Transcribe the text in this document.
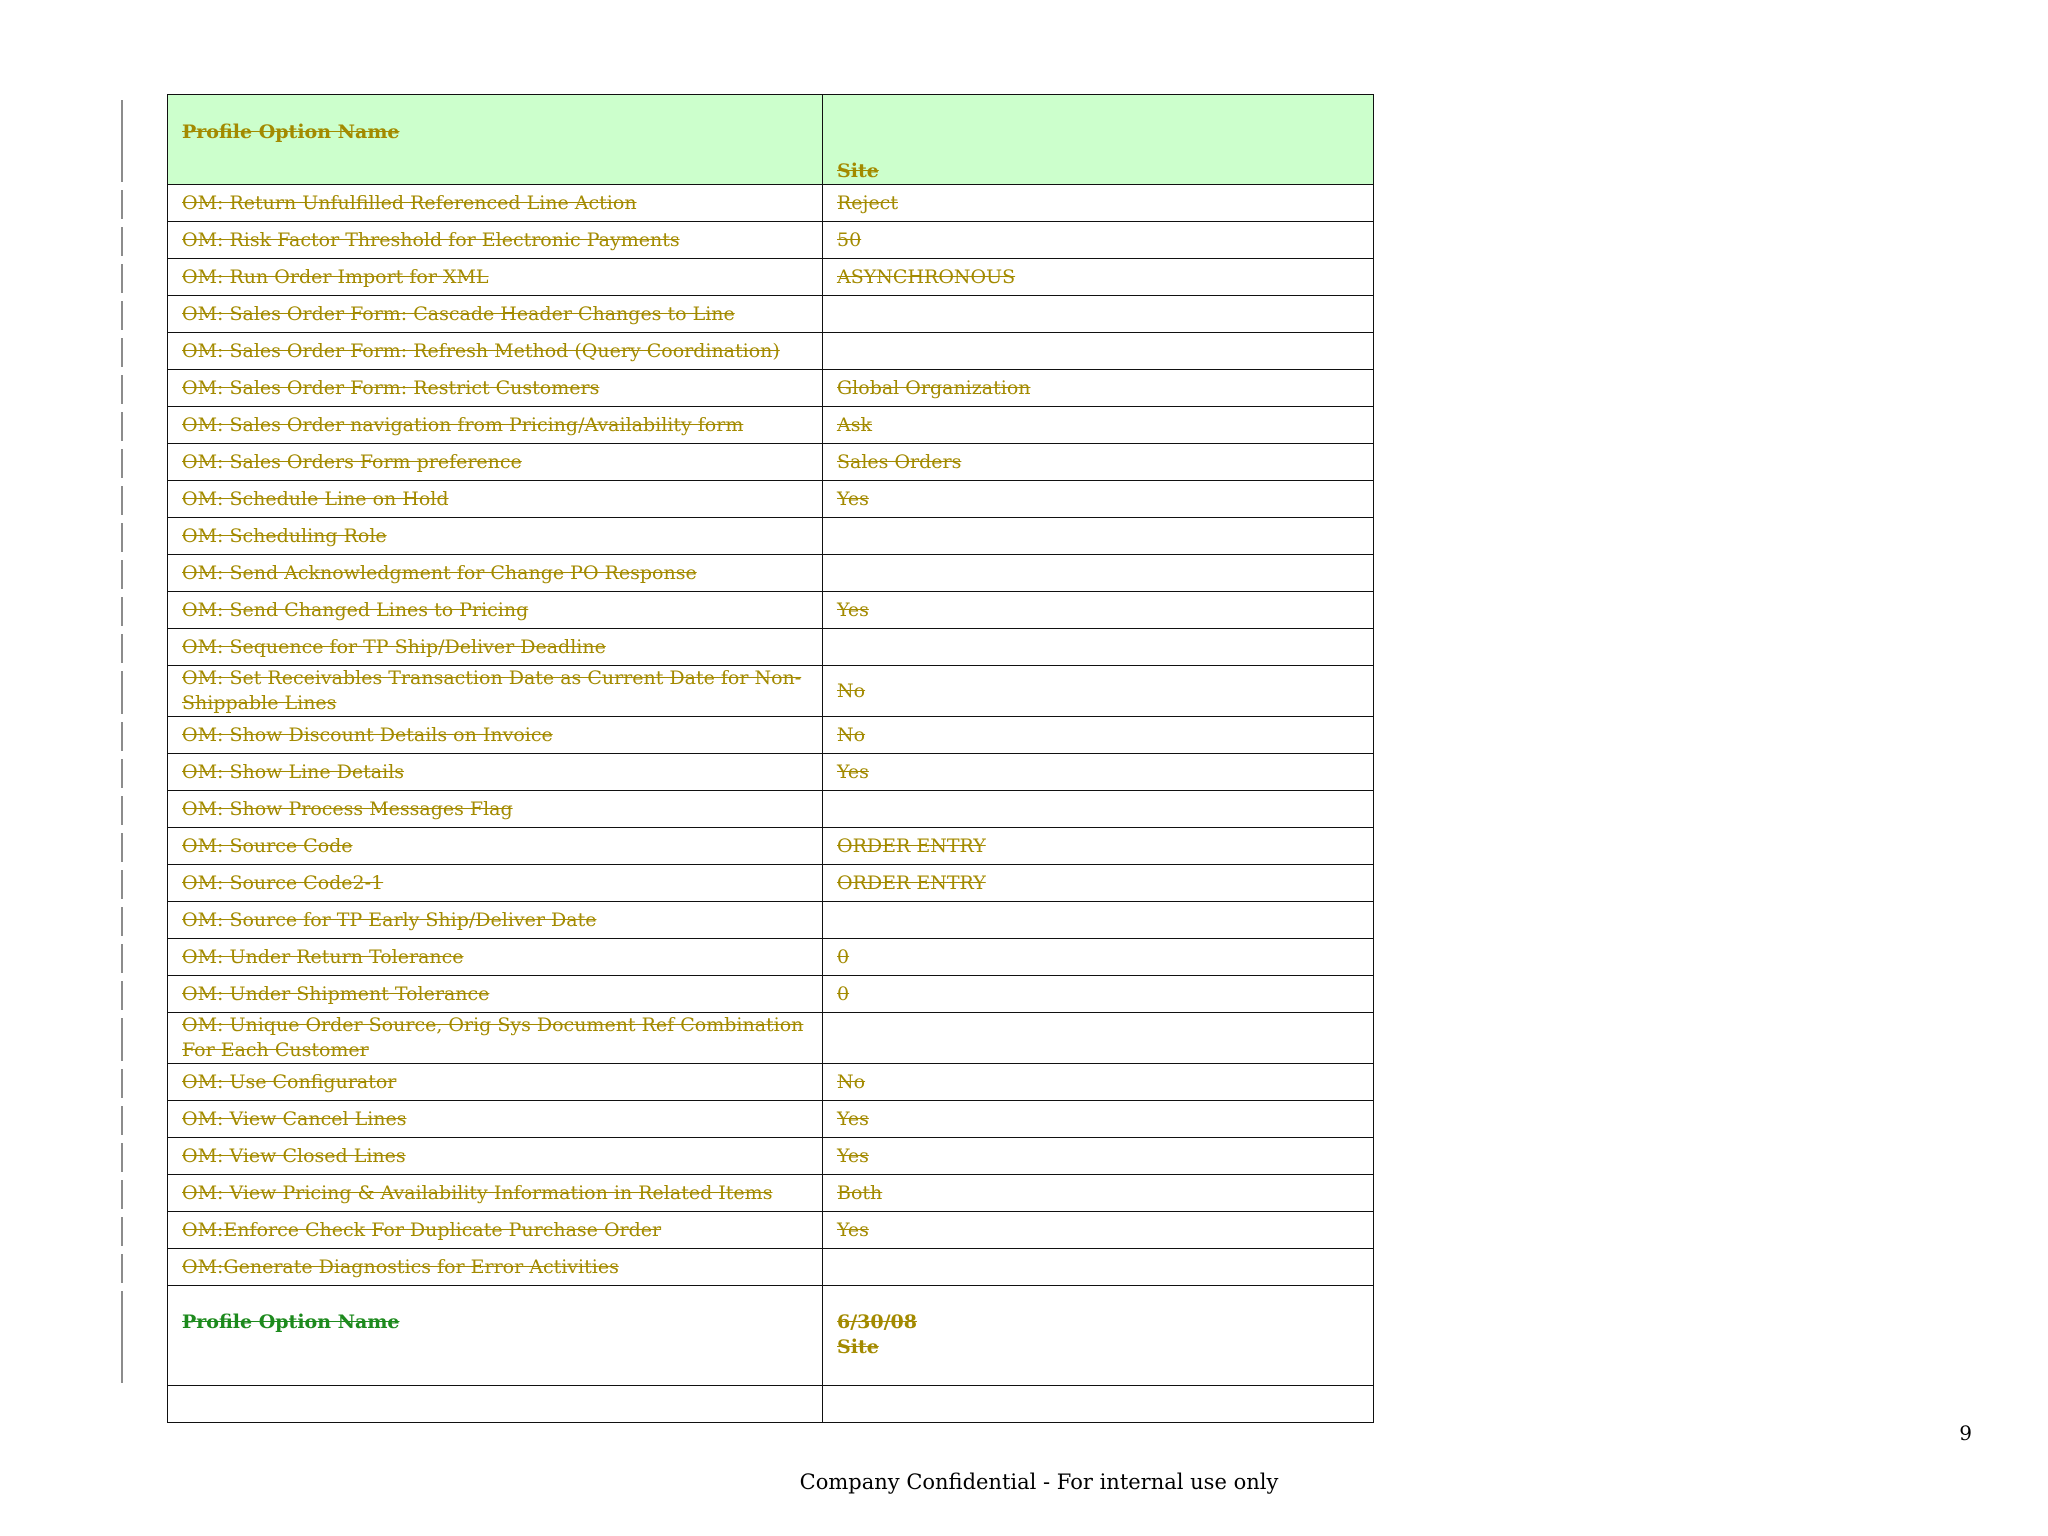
Profile Option Name	Site
OM: Return Unfulfilled Referenced Line Action	Reject
OM: Risk Factor Threshold for Electronic Payments	50
OM: Run Order Import for XML	ASYNCHRONOUS
OM: Sales Order Form: Cascade Header Changes to Line	
OM: Sales Order Form: Refresh Method (Query Coordination)	
OM: Sales Order Form: Restrict Customers	Global Organization
OM: Sales Order navigation from Pricing/Availability form	Ask
OM: Sales Orders Form preference	Sales Orders
OM: Schedule Line on Hold	Yes
OM: Scheduling Role	
OM: Send Acknowledgment for Change PO Response	
OM: Send Changed Lines to Pricing	Yes
OM: Sequence for TP Ship/Deliver Deadline	
OM: Set Receivables Transaction Date as Current Date for Non-Shippable Lines	No
OM: Show Discount Details on Invoice	No
OM: Show Line Details	Yes
OM: Show Process Messages Flag	
OM: Source Code	ORDER ENTRY
OM: Source Code2-1	ORDER ENTRY
OM: Source for TP Early Ship/Deliver Date	
OM: Under Return Tolerance	0
OM: Under Shipment Tolerance	0
OM: Unique Order Source, Orig Sys Document Ref Combination For Each Customer	
OM: Use Configurator	No
OM: View Cancel Lines	Yes
OM: View Closed Lines	Yes
OM: View Pricing & Availability Information in Related Items	Both
OM:Enforce Check For Duplicate Purchase Order	Yes
OM:Generate Diagnostics for Error Activities	
Profile Option Name	6/30/08
Site

9
Company Confidential - For internal use only
